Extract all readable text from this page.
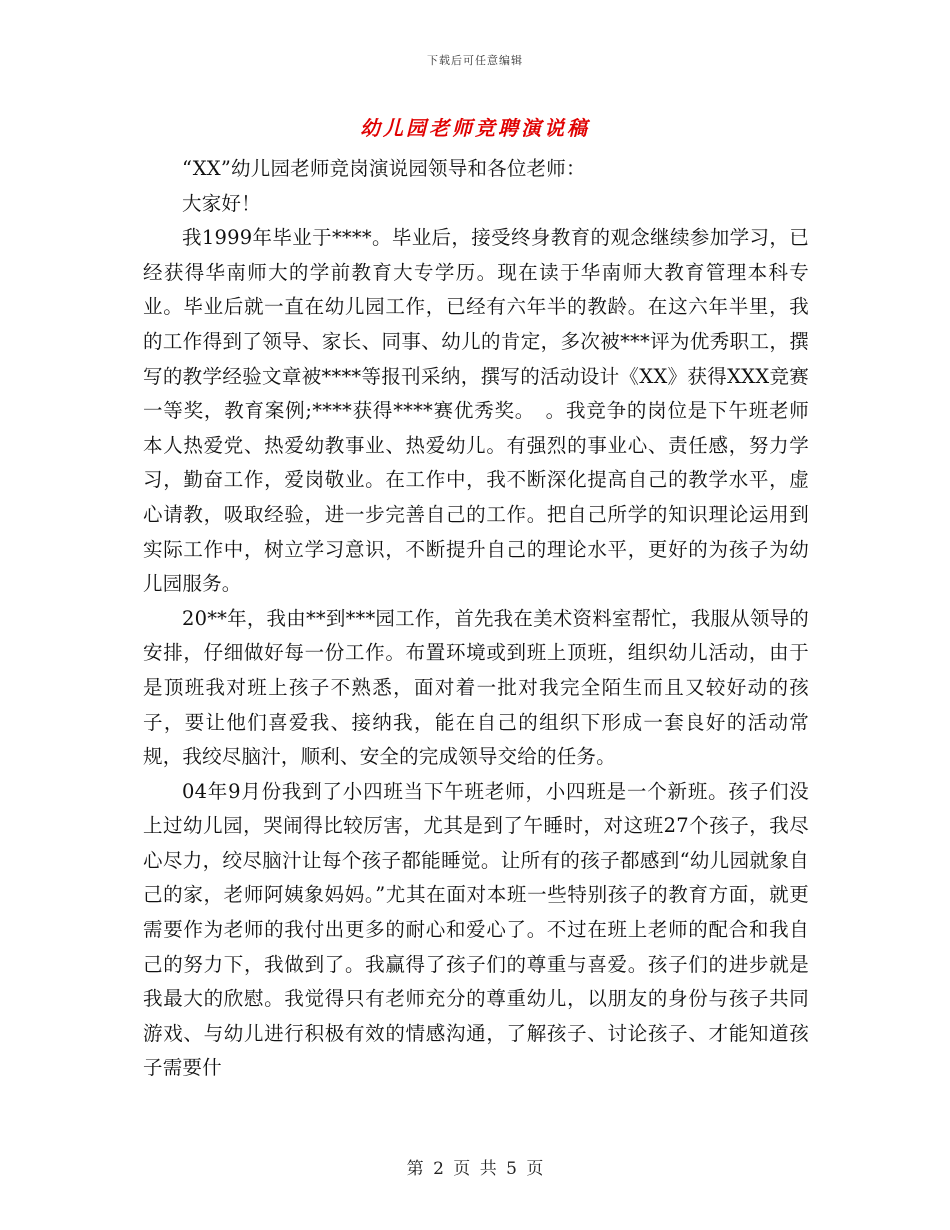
下载后可任意编辑
幼儿园老师竞聘演说稿

“XX”幼儿园老师竞岗演说园领导和各位老师：

大家好！

我1999年毕业于****。毕业后，接受终身教育的观念继续参加学习，已经获得华南师大的学前教育大专学历。现在读于华南师大教育管理本科专业。毕业后就一直在幼儿园工作，已经有六年半的教龄。在这六年半里，我的工作得到了领导、家长、同事、幼儿的肯定，多次被***评为优秀职工，撰写的教学经验文章被****等报刊采纳，撰写的活动设计《XX》获得XXX竞赛一等奖，教育案例;****获得****赛优秀奖。　。我竞争的岗位是下午班老师本人热爱党、热爱幼教事业、热爱幼儿。有强烈的事业心、责任感，努力学习，勤奋工作，爱岗敬业。在工作中，我不断深化提高自己的教学水平，虚心请教，吸取经验，进一步完善自己的工作。把自己所学的知识理论运用到实际工作中，树立学习意识，不断提升自己的理论水平，更好的为孩子为幼儿园服务。

20**年，我由**到***园工作，首先我在美术资料室帮忙，我服从领导的安排，仔细做好每一份工作。布置环境或到班上顶班，组织幼儿活动，由于是顶班我对班上孩子不熟悉，面对着一批对我完全陌生而且又较好动的孩子，要让他们喜爱我、接纳我，能在自己的组织下形成一套良好的活动常规，我绞尽脑汁，顺利、安全的完成领导交给的任务。

04年9月份我到了小四班当下午班老师，小四班是一个新班。孩子们没上过幼儿园，哭闹得比较厉害，尤其是到了午睡时，对这班27个孩子，我尽心尽力，绞尽脑汁让每个孩子都能睡觉。让所有的孩子都感到“幼儿园就象自己的家，老师阿姨象妈妈。”尤其在面对本班一些特别孩子的教育方面，就更需要作为老师的我付出更多的耐心和爱心了。不过在班上老师的配合和我自己的努力下，我做到了。我赢得了孩子们的尊重与喜爱。孩子们的进步就是我最大的欣慰。我觉得只有老师充分的尊重幼儿，以朋友的身份与孩子共同游戏、与幼儿进行积极有效的情感沟通，了解孩子、讨论孩子、才能知道孩子需要什

第 2 页 共 5 页
